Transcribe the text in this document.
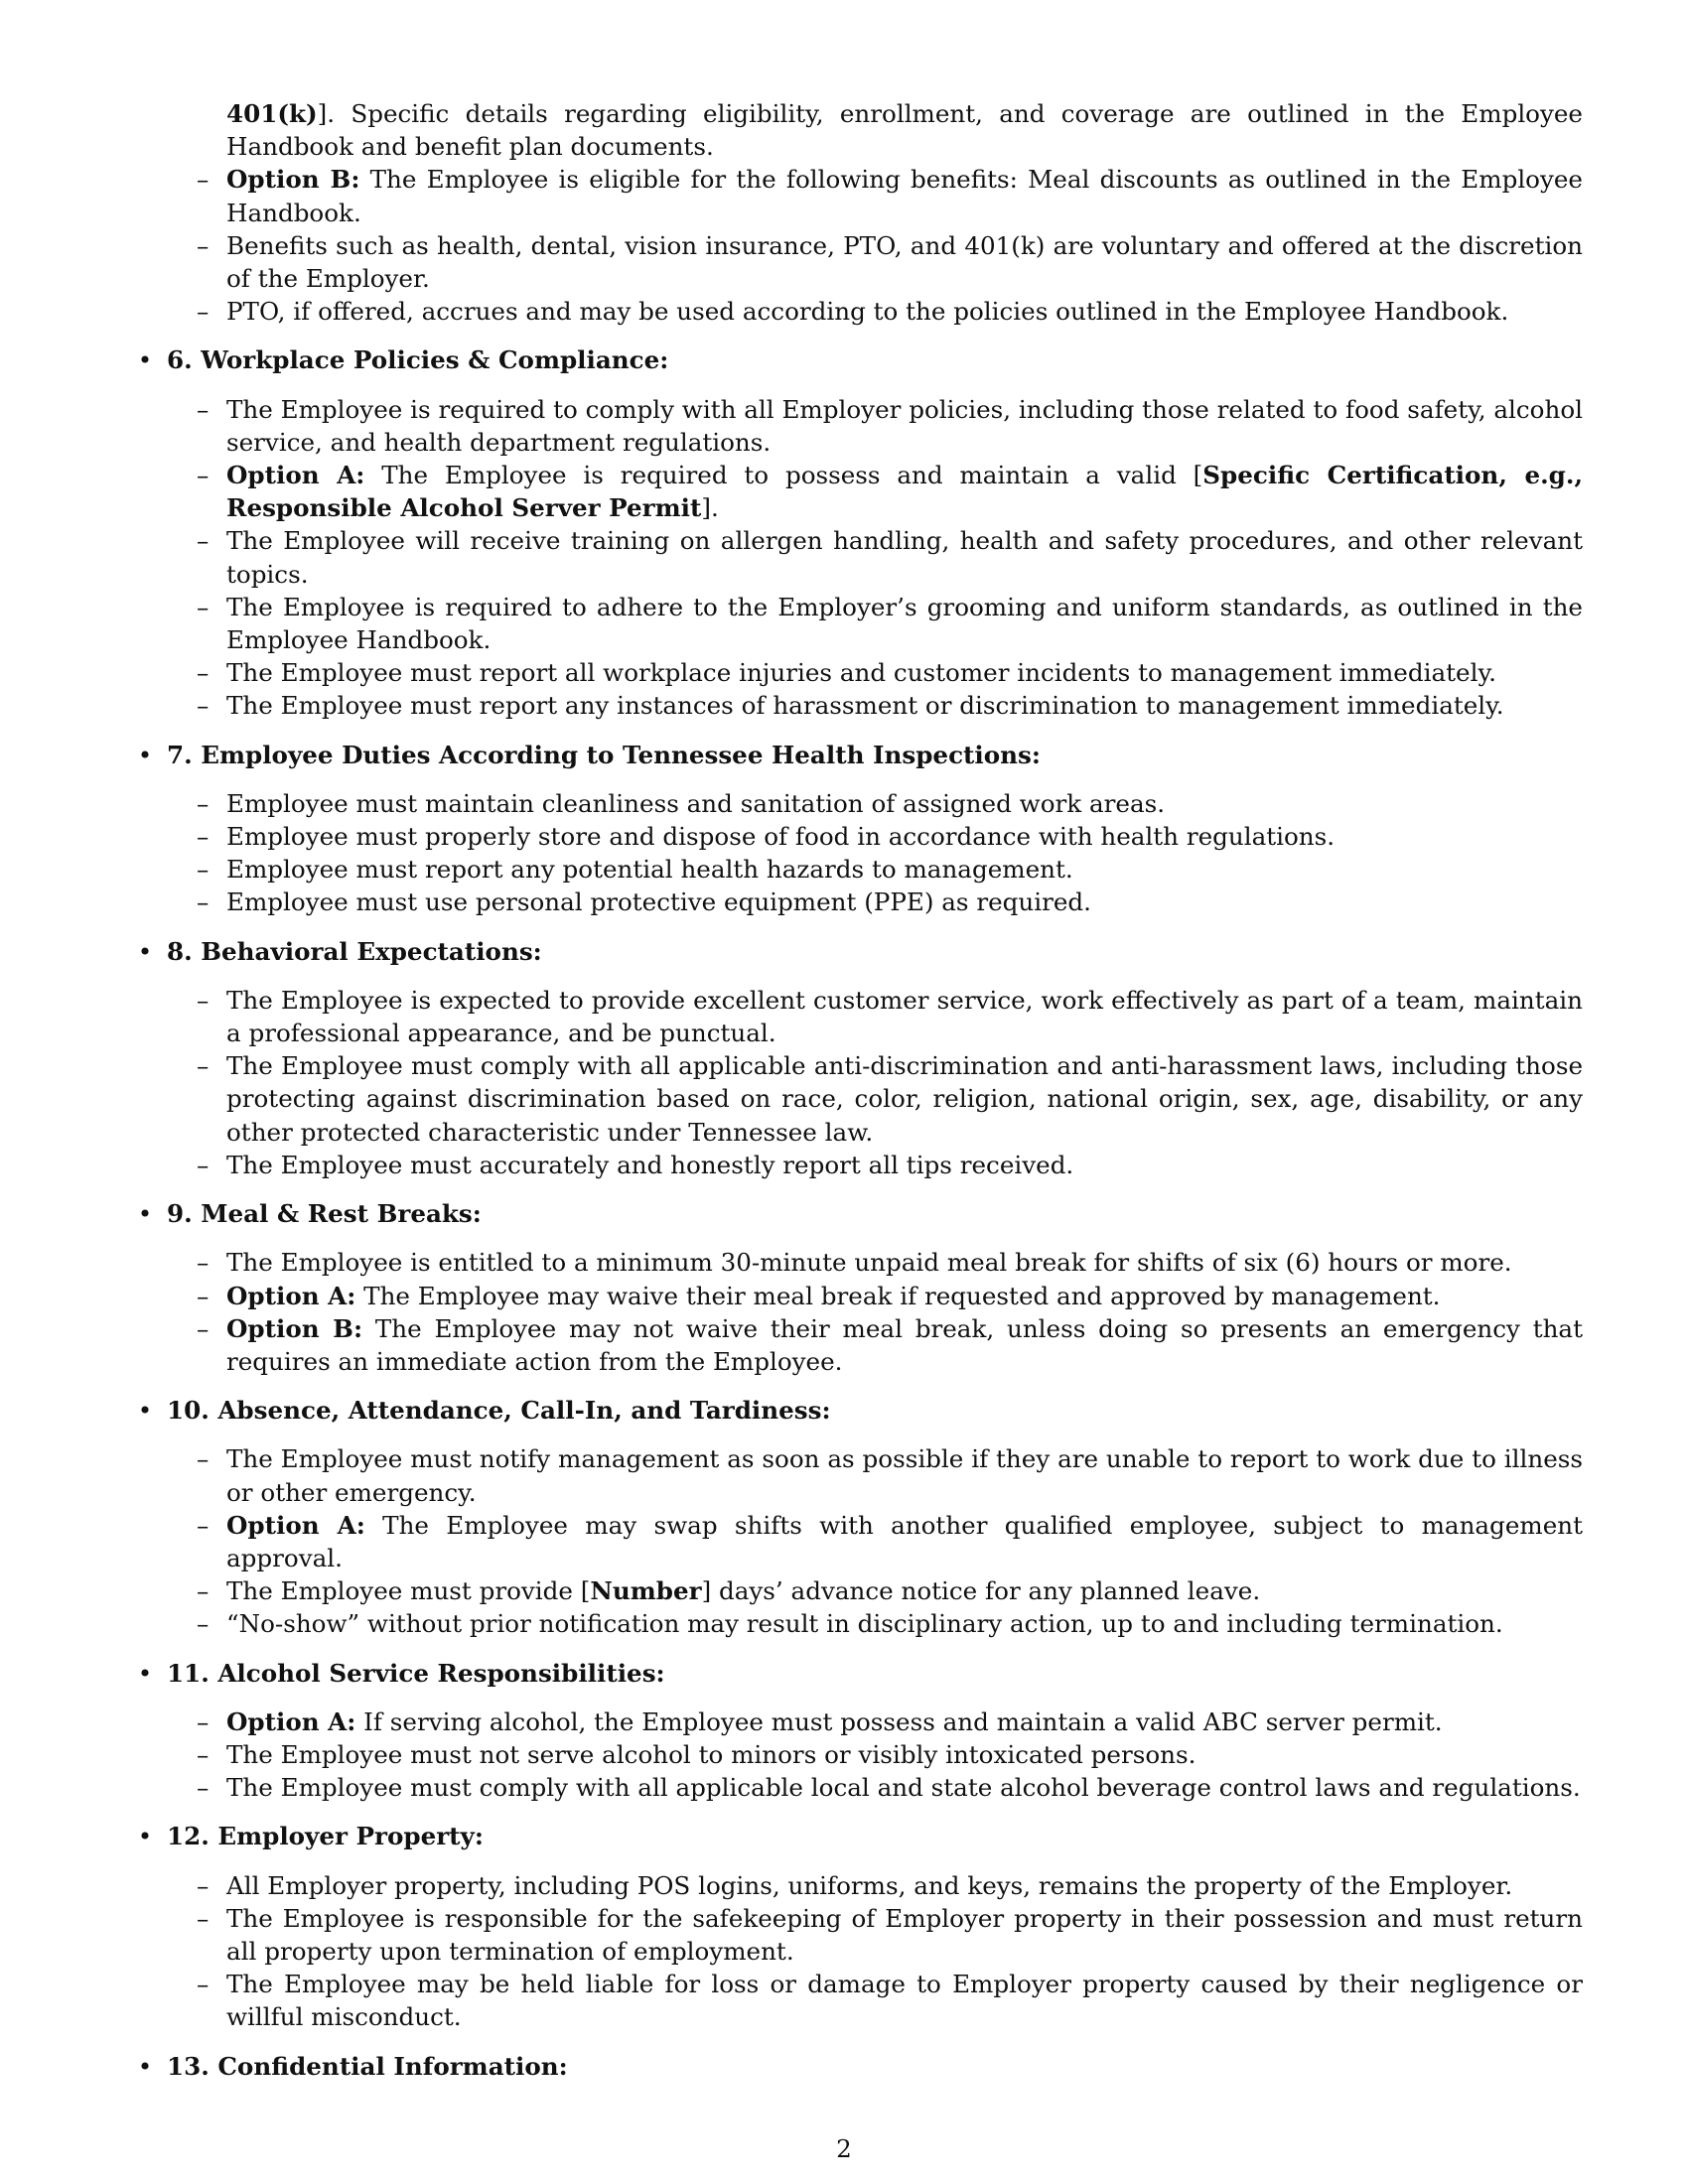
401(k)]. Specific details regarding eligibility, enrollment, and coverage are outlined in the Employee Handbook and benefit plan documents.
– Option B: The Employee is eligible for the following benefits: Meal discounts as outlined in the Employee Handbook.
– Benefits such as health, dental, vision insurance, PTO, and 401(k) are voluntary and offered at the discretion of the Employer.
– PTO, if offered, accrues and may be used according to the policies outlined in the Employee Handbook.
• 6. Workplace Policies & Compliance:
– The Employee is required to comply with all Employer policies, including those related to food safety, alcohol service, and health department regulations.
– Option A: The Employee is required to possess and maintain a valid [Specific Certification, e.g., Responsible Alcohol Server Permit].
– The Employee will receive training on allergen handling, health and safety procedures, and other relevant topics.
– The Employee is required to adhere to the Employer’s grooming and uniform standards, as outlined in the Employee Handbook.
– The Employee must report all workplace injuries and customer incidents to management immediately.
– The Employee must report any instances of harassment or discrimination to management immediately.
• 7. Employee Duties According to Tennessee Health Inspections:
– Employee must maintain cleanliness and sanitation of assigned work areas.
– Employee must properly store and dispose of food in accordance with health regulations.
– Employee must report any potential health hazards to management.
– Employee must use personal protective equipment (PPE) as required.
• 8. Behavioral Expectations:
– The Employee is expected to provide excellent customer service, work effectively as part of a team, maintain a professional appearance, and be punctual.
– The Employee must comply with all applicable anti-discrimination and anti-harassment laws, including those protecting against discrimination based on race, color, religion, national origin, sex, age, disability, or any other protected characteristic under Tennessee law.
– The Employee must accurately and honestly report all tips received.
• 9. Meal & Rest Breaks:
– The Employee is entitled to a minimum 30-minute unpaid meal break for shifts of six (6) hours or more.
– Option A: The Employee may waive their meal break if requested and approved by management.
– Option B: The Employee may not waive their meal break, unless doing so presents an emergency that requires an immediate action from the Employee.
• 10. Absence, Attendance, Call-In, and Tardiness:
– The Employee must notify management as soon as possible if they are unable to report to work due to illness or other emergency.
– Option A: The Employee may swap shifts with another qualified employee, subject to management approval.
– The Employee must provide [Number] days’ advance notice for any planned leave.
– “No-show” without prior notification may result in disciplinary action, up to and including termination.
• 11. Alcohol Service Responsibilities:
– Option A: If serving alcohol, the Employee must possess and maintain a valid ABC server permit.
– The Employee must not serve alcohol to minors or visibly intoxicated persons.
– The Employee must comply with all applicable local and state alcohol beverage control laws and regulations.
• 12. Employer Property:
– All Employer property, including POS logins, uniforms, and keys, remains the property of the Employer.
– The Employee is responsible for the safekeeping of Employer property in their possession and must return all property upon termination of employment.
– The Employee may be held liable for loss or damage to Employer property caused by their negligence or willful misconduct.
• 13. Confidential Information:
2
